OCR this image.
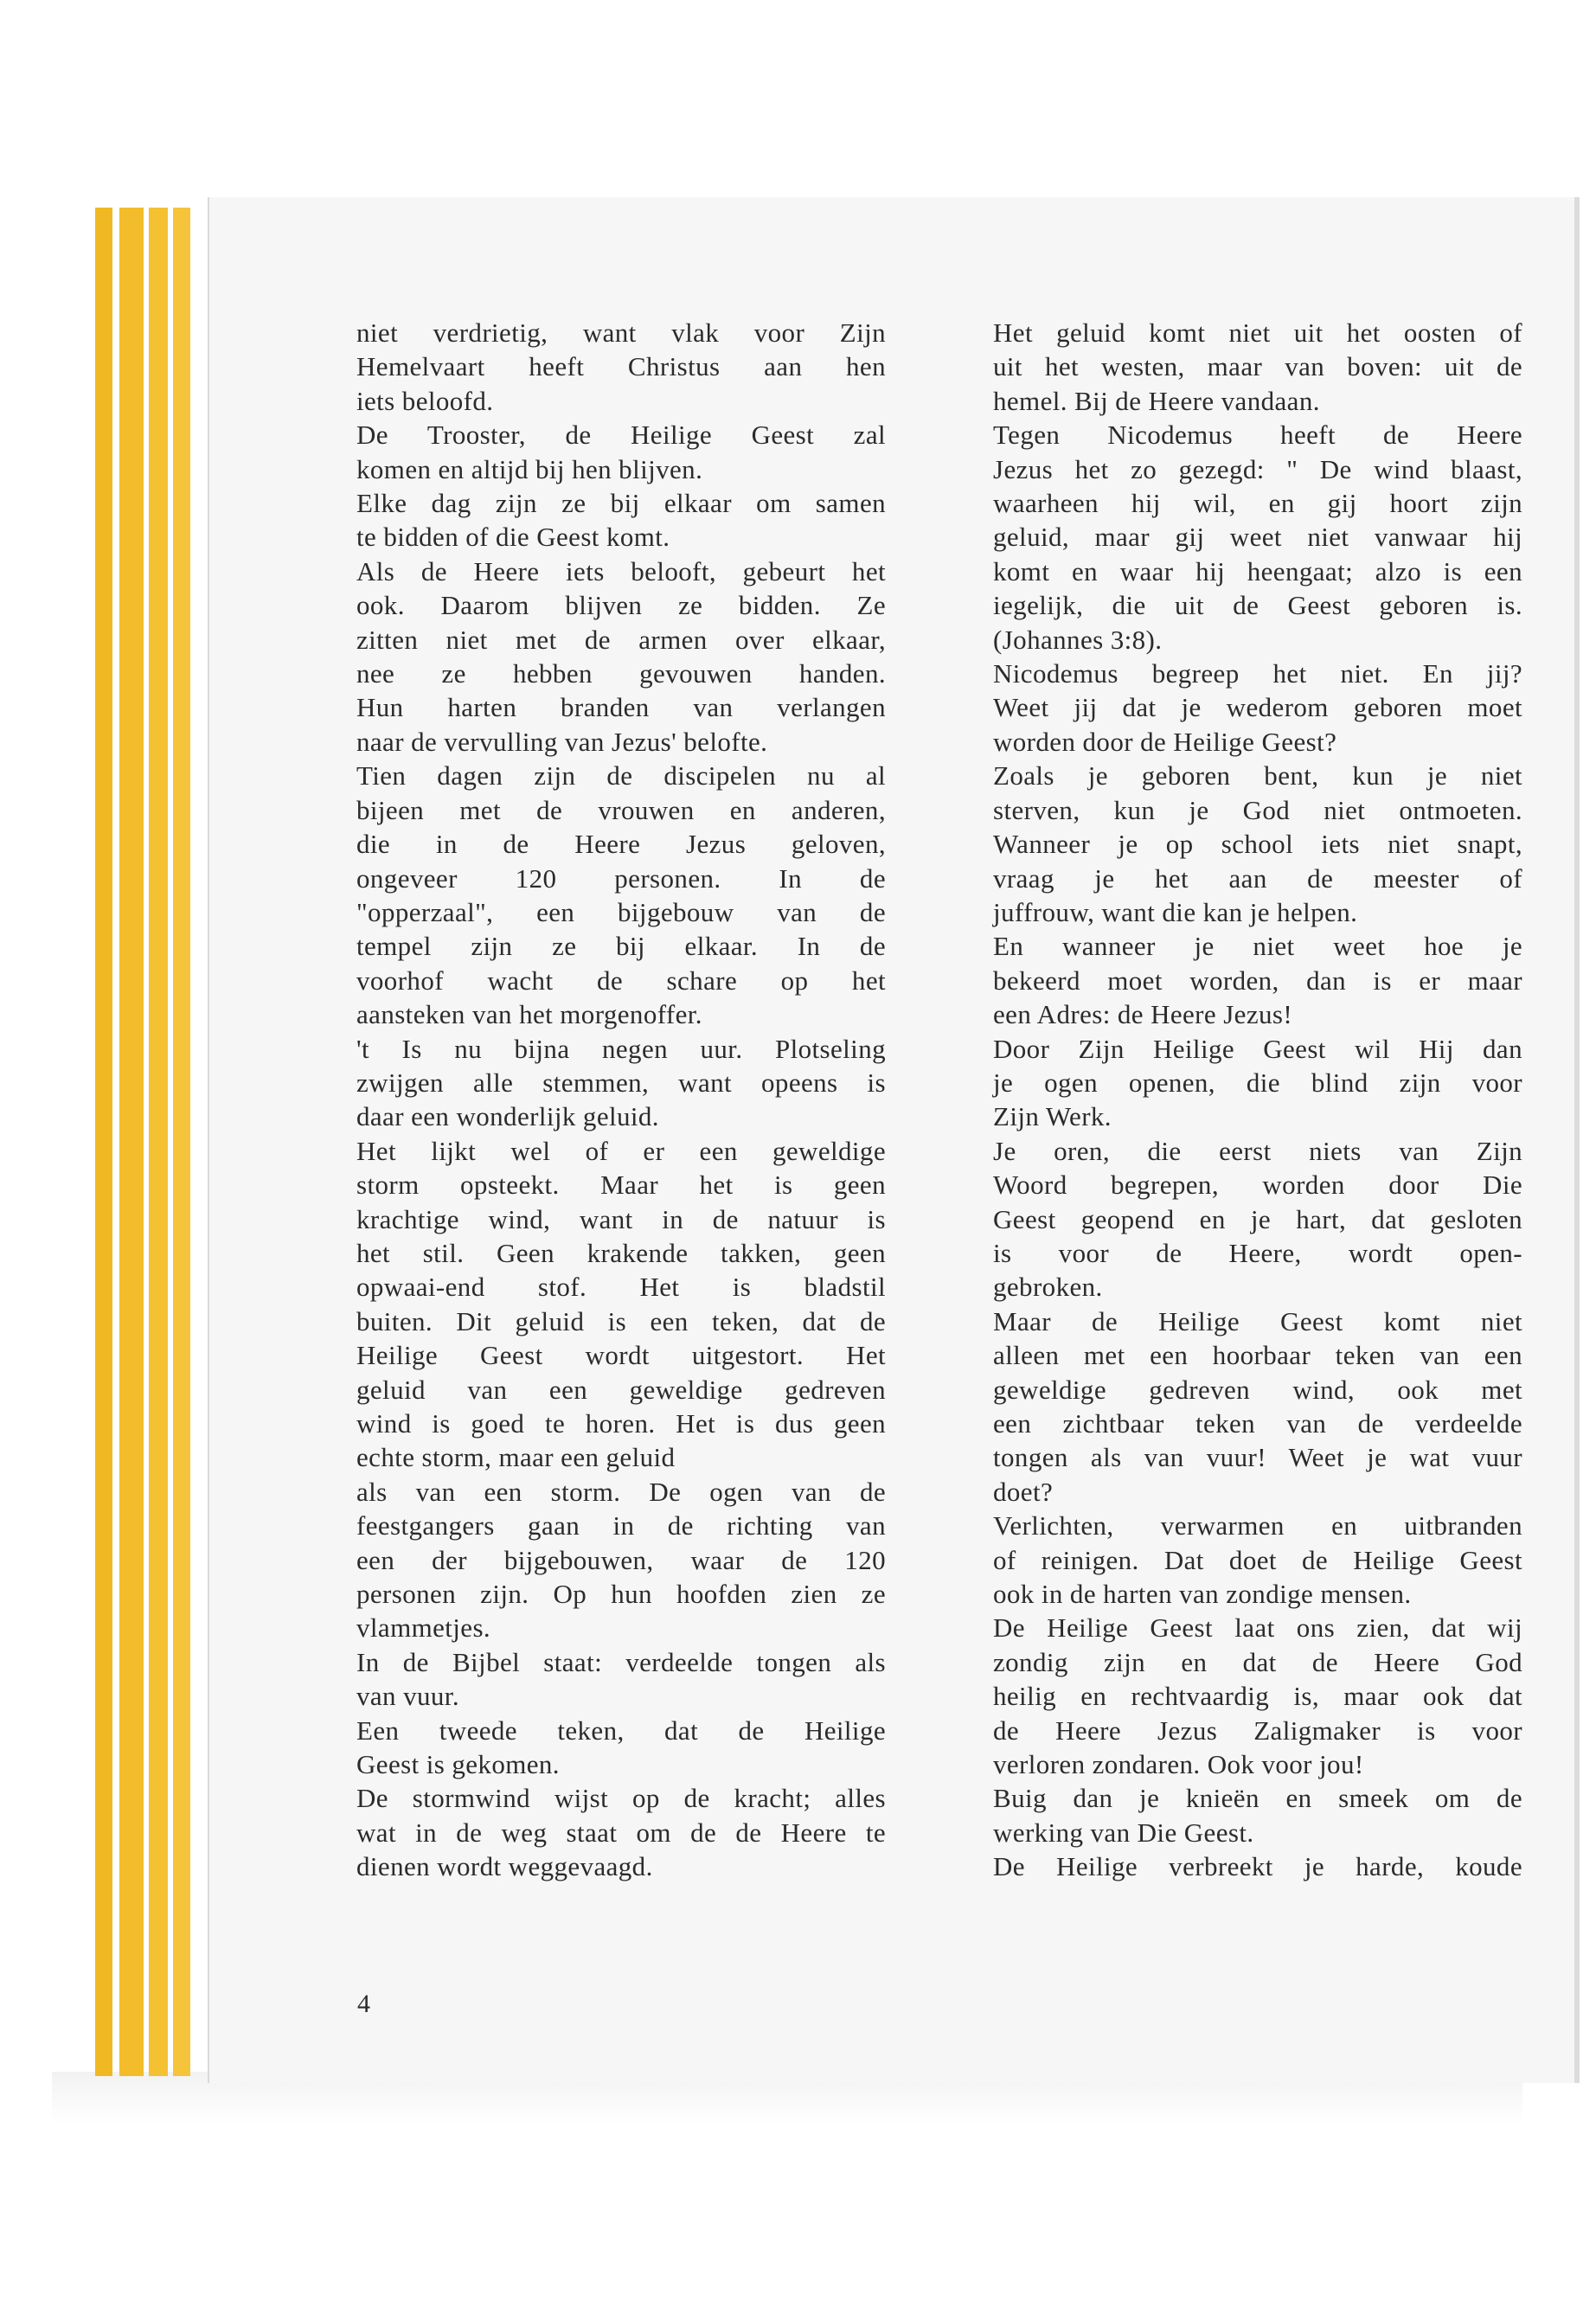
niet verdrietig, want vlak voor Zijn

Hemelvaart heeft Christus aan hen

iets beloofd.

De Trooster, de Heilige Geest zal

komen en altijd bij hen blijven.

Elke dag zijn ze bij elkaar om samen

te bidden of die Geest komt.

Als de Heere iets belooft, gebeurt het

ook. Daarom blijven ze bidden. Ze

zitten niet met de armen over elkaar,

nee ze hebben gevouwen handen.

Hun harten branden van verlangen

naar de vervulling van Jezus' belofte.

Tien dagen zijn de discipelen nu al

bijeen met de vrouwen en anderen,

die in de Heere Jezus geloven,

ongeveer 120 personen. In de

"opperzaal", een bijgebouw van de

tempel zijn ze bij elkaar. In de

voorhof wacht de schare op het

aansteken van het morgenoffer.

't Is nu bijna negen uur. Plotseling

zwijgen alle stemmen, want opeens is

daar een wonderlijk geluid.

Het lijkt wel of er een geweldige

storm opsteekt. Maar het is geen

krachtige wind, want in de natuur is

het stil. Geen krakende takken, geen

opwaai-end stof. Het is bladstil

buiten. Dit geluid is een teken, dat de

Heilige Geest wordt uitgestort. Het

geluid van een geweldige gedreven

wind is goed te horen. Het is dus geen

echte storm, maar een geluid

als van een storm. De ogen van de

feestgangers gaan in de richting van

een der bijgebouwen, waar de 120

personen zijn. Op hun hoofden zien ze

vlammetjes.

In de Bijbel staat: verdeelde tongen als

van vuur.

Een tweede teken, dat de Heilige

Geest is gekomen.

De stormwind wijst op de kracht; alles

wat in de weg staat om de de Heere te

dienen wordt weggevaagd.

Het geluid komt niet uit het oosten of

uit het westen, maar van boven: uit de

hemel. Bij de Heere vandaan.

Tegen Nicodemus heeft de Heere

Jezus het zo gezegd: " De wind blaast,

waarheen hij wil, en gij hoort zijn

geluid, maar gij weet niet vanwaar hij

komt en waar hij heengaat; alzo is een

iegelijk, die uit de Geest geboren is.

(Johannes 3:8).

Nicodemus begreep het niet. En jij?

Weet jij dat je wederom geboren moet

worden door de Heilige Geest?

Zoals je geboren bent, kun je niet

sterven, kun je God niet ontmoeten.

Wanneer je op school iets niet snapt,

vraag je het aan de meester of

juffrouw, want die kan je helpen.

En wanneer je niet weet hoe je

bekeerd moet worden, dan is er maar

een Adres: de Heere Jezus!

Door Zijn Heilige Geest wil Hij dan

je ogen openen, die blind zijn voor

Zijn Werk.

Je oren, die eerst niets van Zijn

Woord begrepen, worden door Die

Geest geopend en je hart, dat gesloten

is voor de Heere, wordt open-

gebroken.

Maar de Heilige Geest komt niet

alleen met een hoorbaar teken van een

geweldige gedreven wind, ook met

een zichtbaar teken van de verdeelde

tongen als van vuur! Weet je wat vuur

doet?

Verlichten, verwarmen en uitbranden

of reinigen. Dat doet de Heilige Geest

ook in de harten van zondige mensen.

De Heilige Geest laat ons zien, dat wij

zondig zijn en dat de Heere God

heilig en rechtvaardig is, maar ook dat

de Heere Jezus Zaligmaker is voor

verloren zondaren. Ook voor jou!

Buig dan je knieën en smeek om de

werking van Die Geest.

De Heilige verbreekt je harde, koude

4
